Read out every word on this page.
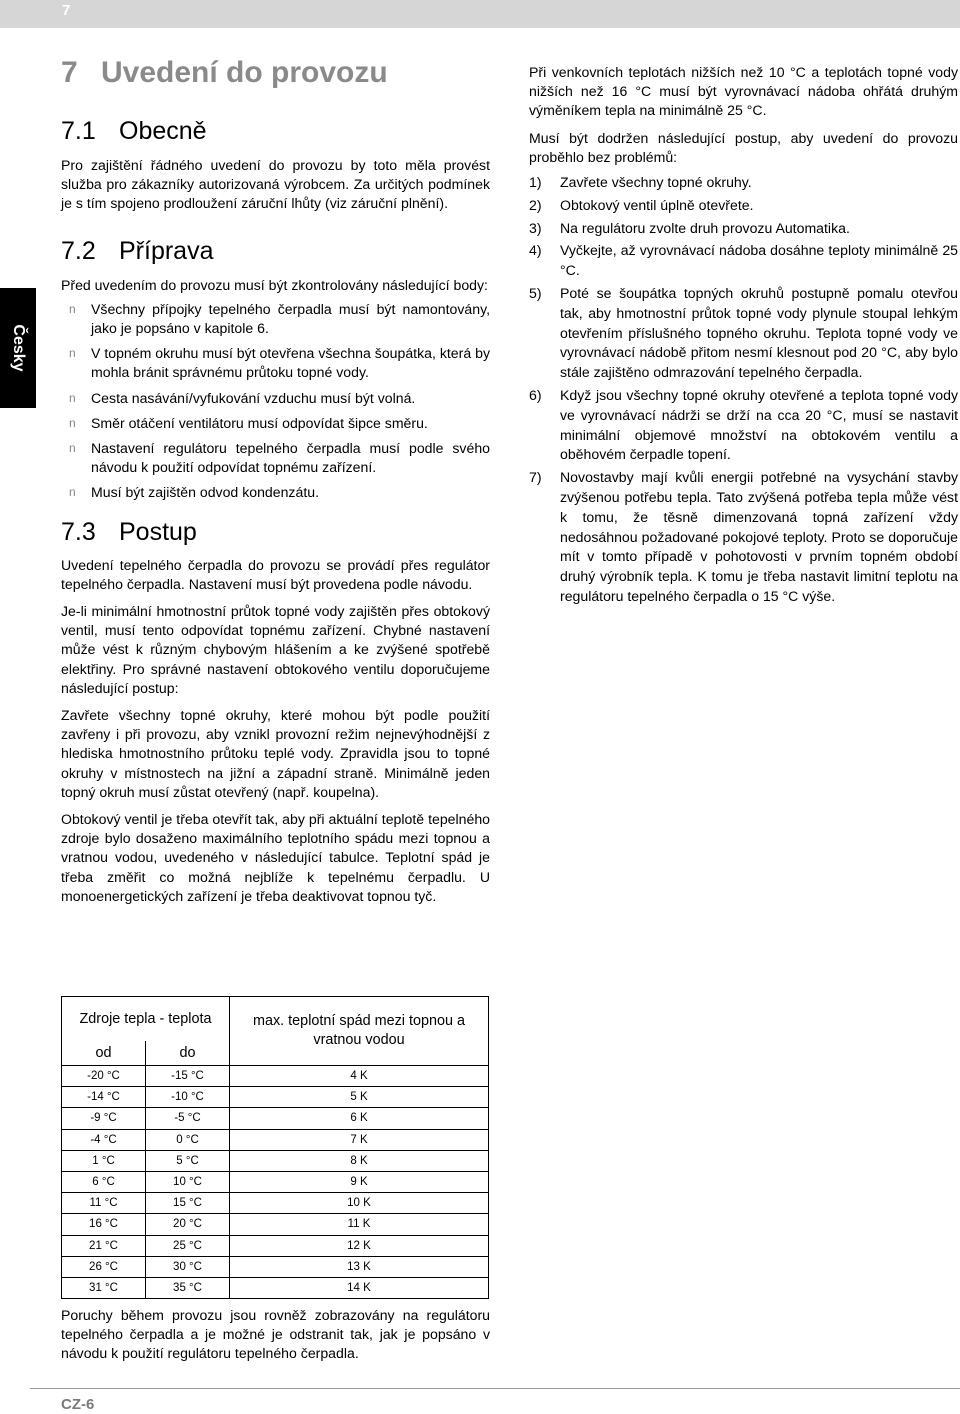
7
Česky
7 Uvedení do provozu
7.1 Obecně

Pro zajištění řádného uvedení do provozu by toto měla provést služba pro zákazníky autorizovaná výrobcem. Za určitých podmínek je s tím spojeno prodloužení záruční lhůty (viz záruční plnění).

7.2 Příprava

Před uvedením do provozu musí být zkontrolovány následující body:

n Všechny přípojky tepelného čerpadla musí být namontovány, jako je popsáno v kapitole 6.
n V topném okruhu musí být otevřena všechna šoupátka, která by mohla bránit správnému průtoku topné vody.
n Cesta nasávání/vyfukování vzduchu musí být volná.
n Směr otáčení ventilátoru musí odpovídat šipce směru.
n Nastavení regulátoru tepelného čerpadla musí podle svého návodu k použití odpovídat topnému zařízení.
n Musí být zajištěn odvod kondenzátu.
7.3 Postup

Uvedení tepelného čerpadla do provozu se provádí přes regulátor tepelného čerpadla. Nastavení musí být provedena podle návodu.

Je-li minimální hmotnostní průtok topné vody zajištěn přes obtokový ventil, musí tento odpovídat topnému zařízení. Chybné nastavení může vést k různým chybovým hlášením a ke zvýšené spotřebě elektřiny. Pro správné nastavení obtokového ventilu doporučujeme následující postup:

Zavřete všechny topné okruhy, které mohou být podle použití zavřeny i při provozu, aby vznikl provozní režim nejnevýhodnější z hlediska hmotnostního průtoku teplé vody. Zpravidla jsou to topné okruhy v místnostech na jižní a západní straně. Minimálně jeden topný okruh musí zůstat otevřený (např. koupelna).

Obtokový ventil je třeba otevřít tak, aby při aktuální teplotě tepelného zdroje bylo dosaženo maximálního teplotního spádu mezi topnou a vratnou vodou, uvedeného v následující tabulce. Teplotní spád je třeba změřit co možná nejblíže k tepelnému čerpadlu. U monoenergetických zařízení je třeba deaktivovat topnou tyč.

Zdroje tepla - teplota		max. teplotní spád mezi topnou a vratnou vodou
od	do	
-20 °C	-15 °C	4 K
-14 °C	-10 °C	5 K
-9 °C	-5 °C	6 K
-4 °C	0 °C	7 K
1 °C	5 °C	8 K
6 °C	10 °C	9 K
11 °C	15 °C	10 K
16 °C	20 °C	11 K
21 °C	25 °C	12 K
26 °C	30 °C	13 K
31 °C	35 °C	14 K

Poruchy během provozu jsou rovněž zobrazovány na regulátoru tepelného čerpadla a je možné je odstranit tak, jak je popsáno v návodu k použití regulátoru tepelného čerpadla.

Při venkovních teplotách nižších než 10 °C a teplotách topné vody nižších než 16 °C musí být vyrovnávací nádoba ohřátá druhým výměníkem tepla na minimálně 25 °C.

Musí být dodržen následující postup, aby uvedení do provozu proběhlo bez problémů:

1) Zavřete všechny topné okruhy.
2) Obtokový ventil úplně otevřete.
3) Na regulátoru zvolte druh provozu Automatika.
4) Vyčkejte, až vyrovnávací nádoba dosáhne teploty minimálně 25 °C.
5) Poté se šoupátka topných okruhů postupně pomalu otevřou tak, aby hmotnostní průtok topné vody plynule stoupal lehkým otevřením příslušného topného okruhu. Teplota topné vody ve vyrovnávací nádobě přitom nesmí klesnout pod 20 °C, aby bylo stále zajištěno odmrazování tepelného čerpadla.
6) Když jsou všechny topné okruhy otevřené a teplota topné vody ve vyrovnávací nádrži se drží na cca 20 °C, musí se nastavit minimální objemové množství na obtokovém ventilu a oběhovém čerpadle topení.
7) Novostavby mají kvůli energii potřebné na vysychání stavby zvýšenou potřebu tepla. Tato zvýšená potřeba tepla může vést k tomu, že těsně dimenzovaná topná zařízení vždy nedosáhnou požadované pokojové teploty. Proto se doporučuje mít v tomto případě v pohotovosti v prvním topném období druhý výrobník tepla. K tomu je třeba nastavit limitní teplotu na regulátoru tepelného čerpadla o 15 °C výše.
CZ-6
